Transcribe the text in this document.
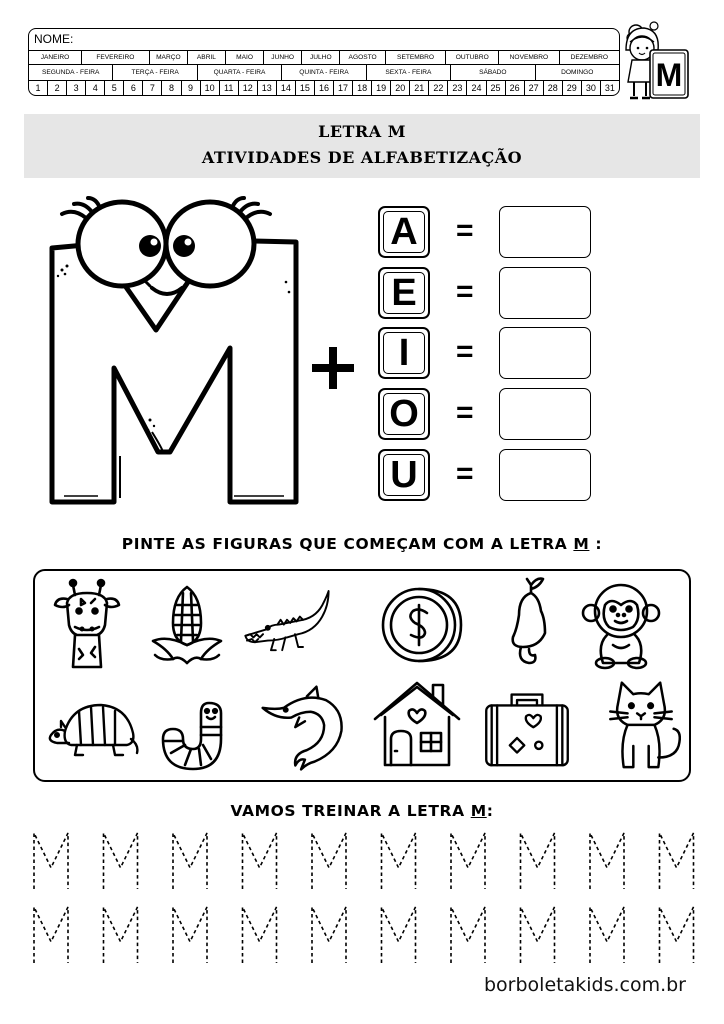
NOME:
JANEIRO	FEVEREIRO	MARÇO	ABRIL	MAIO	JUNHO	JULHO	AGOSTO	SETEMBRO	OUTUBRO	NOVEMBRO	DEZEMBRO
SEGUNDA - FEIRA	TERÇA - FEIRA	QUARTA - FEIRA	QUINTA - FEIRA	SEXTA - FEIRA	SÁBADO	DOMINGO
1	2	3	4	5	6	7	8	9	10	11	12	13	14	15	16	17	18	19	20	21	22	23	24	25	26	27	28	29	30	31 M
LETRA M
ATIVIDADES DE ALFABETIZAÇÃO
A	=
E	=
I	=
O	=
U	=
PINTE AS FIGURAS QUE COMEÇAM COM A LETRA M :
VAMOS TREINAR A LETRA M:
borboletakids.com.br
